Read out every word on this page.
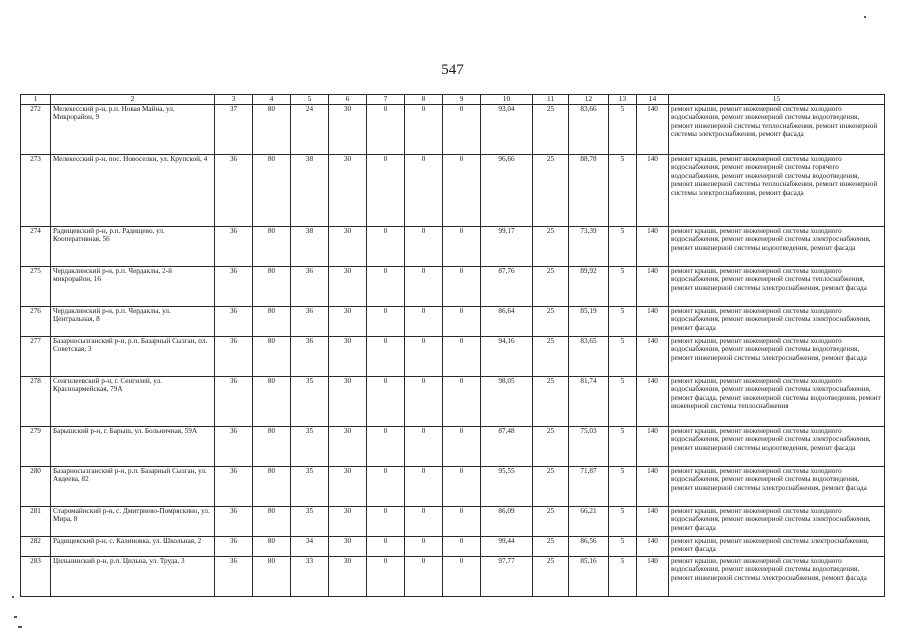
547
1	2	3	4	5	6	7	8	9	10	11	12	13	14	15
272	Мелекесский р-н, р.п. Новая Майна, ул. Микрорайон, 9	37	80	24	30	0	0	0	93,04	25	83,66	5	140	ремонт крыши, ремонт инженерной системы холодного водоснабжения, ремонт инженерной системы водоотведения, ремонт инженерной системы теплоснабжения, ремонт инженерной системы электроснабжения, ремонт фасада
273	Мелекесский р-н, пос. Новоселки, ул. Крупской, 4	36	80	38	30	0	0	0	96,66	25	88,78	5	140	ремонт крыши, ремонт инженерной системы холодного водоснабжения, ремонт инженерной системы горячего водоснабжения, ремонт инженерной системы водоотведения, ремонт инженерной системы теплоснабжения, ремонт инженерной системы электроснабжения, ремонт фасада
274	Радищевский р-н, р.п. Радищево, ул. Кооперативная, 56	36	80	38	30	0	0	0	99,17	25	73,39	5	140	ремонт крыши, ремонт инженерной системы холодного водоснабжения, ремонт инженерной системы электроснабжения, ремонт инженерной системы водоотведения, ремонт фасада
275	Чердаклинский р-н, р.п. Чердаклы, 2-й микрорайон, 16	36	80	36	30	0	0	0	87,76	25	89,92	5	140	ремонт крыши, ремонт инженерной системы холодного водоснабжения, ремонт инженерной системы теплоснабжения, ремонт инженерной системы электроснабжения, ремонт фасада
276	Чердаклинский р-н, р.п. Чердаклы, ул. Центральная, 8	36	80	36	30	0	0	0	86,64	25	85,19	5	140	ремонт крыши, ремонт инженерной системы холодного водоснабжения, ремонт инженерной системы электроснабжения, ремонт фасада
277	Базарносызганский р-н, р.п. Базарный Сызган, пл. Советская, 3	36	80	36	30	0	0	0	94,16	25	83,65	5	140	ремонт крыши, ремонт инженерной системы холодного водоснабжения, ремонт инженерной системы водоотведения, ремонт инженерной системы электроснабжения, ремонт фасада
278	Сенгилеевский р-н, г. Сенгилей, ул. Красноармейская, 79А	36	80	35	30	0	0	0	98,05	25	81,74	5	140	ремонт крыши, ремонт инженерной системы холодного водоснабжения, ремонт инженерной системы электроснабжения, ремонт фасада, ремонт инженерной системы водоотведения, ремонт инженерной системы теплоснабжения
279	Барышский р-н, г. Барыш, ул. Больничная, 59А	36	80	35	30	0	0	0	87,48	25	75,03	5	140	ремонт крыши, ремонт инженерной системы холодного водоснабжения, ремонт инженерной системы электроснабжения, ремонт инженерной системы водоотведения, ремонт фасада
280	Базарносызганский р-н, р.п. Базарный Сызган, ул. Авдеева, 82	36	80	35	30	0	0	0	95,55	25	71,87	5	140	ремонт крыши, ремонт инженерной системы холодного водоснабжения, ремонт инженерной системы водоотведения, ремонт инженерной системы электроснабжения, ремонт фасада
281	Старомайнский р-н, с. Дмитриево-Помряскино, ул. Мира, 8	36	80	35	30	0	0	0	86,09	25	66,21	5	140	ремонт крыши, ремонт инженерной системы холодного водоснабжения, ремонт инженерной системы электроснабжения, ремонт фасада
282	Радищевский р-н, с. Калиновка, ул. Школьная, 2	36	80	34	30	0	0	0	99,44	25	86,56	5	140	ремонт крыши, ремонт инженерной системы электроснабжения, ремонт фасада
283	Цильнинский р-н, р.п. Цильна, ул. Труда, 3	36	80	33	30	0	0	0	97,77	25	85,16	5	140	ремонт крыши, ремонт инженерной системы холодного водоснабжения, ремонт инженерной системы водоотведения, ремонт инженерной системы электроснабжения, ремонт фасада
